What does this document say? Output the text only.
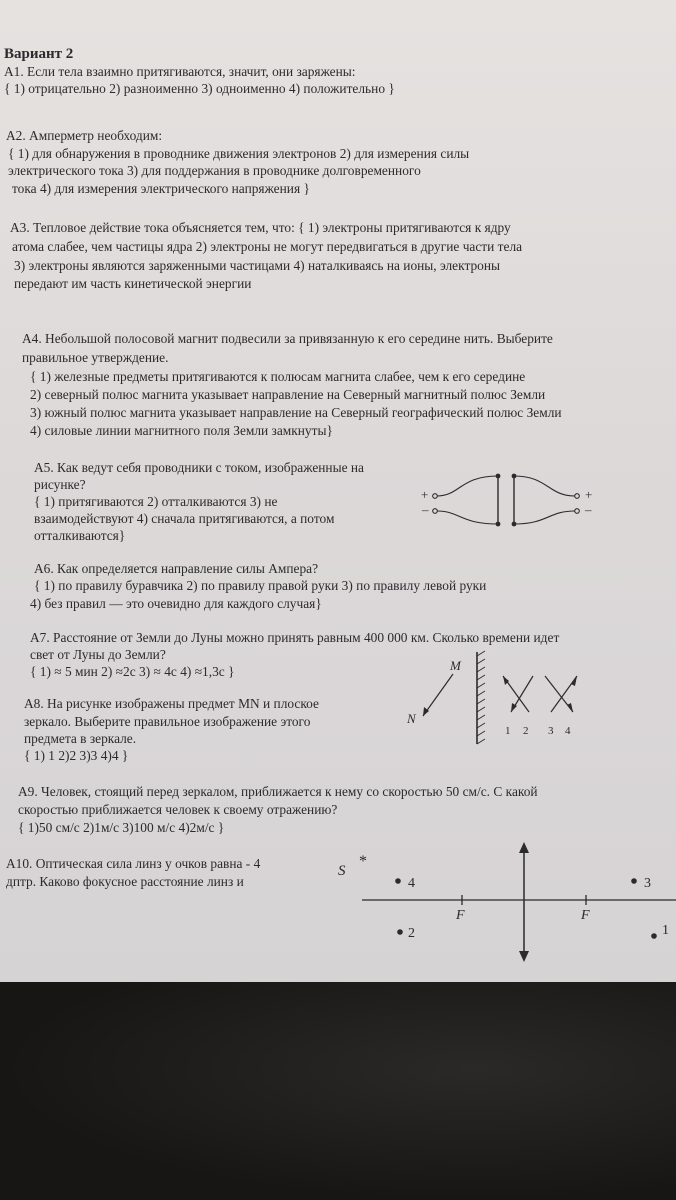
Вариант 2
А1. Если тела взаимно притягиваются, значит, они заряжены:
{ 1) отрицательно 2) разноименно 3) одноименно 4) положительно }
А2. Амперметр необходим:
{ 1) для обнаружения в проводнике движения электронов 2) для измерения силы
электрического тока 3) для поддержания в проводнике долговременного
тока 4) для измерения электрического напряжения }
А3. Тепловое действие тока объясняется тем, что: { 1) электроны притягиваются к ядру
атома слабее, чем частицы ядра 2) электроны не могут передвигаться в другие части тела
3) электроны являются заряженными частицами 4) наталкиваясь на ионы, электроны
передают им часть кинетической энергии
А4. Небольшой полосовой магнит подвесили за привязанную к его середине нить. Выберите
правильное утверждение.
{ 1) железные предметы притягиваются к полюсам магнита слабее, чем к его середине
2) северный полюс магнита указывает направление на Северный магнитный полюс Земли
3) южный полюс магнита указывает направление на Северный географический полюс Земли
4) силовые линии магнитного поля Земли замкнуты}
А5. Как ведут себя проводники с током, изображенные на
рисунке?
{ 1) притягиваются 2) отталкиваются 3) не
взаимодействуют 4) сначала притягиваются, а потом
отталкиваются}
+
–
+
–
А6. Как определяется направление силы Ампера?
{ 1) по правилу буравчика 2) по правилу правой руки 3) по правилу левой руки
4) без правил — это очевидно для каждого случая}
А7. Расстояние от Земли до Луны можно принять равным 400 000 км. Сколько времени идет
свет от Луны до Земли?
{ 1) ≈ 5 мин 2) ≈2с 3) ≈ 4с 4) ≈1,3с }
А8. На рисунке изображены предмет MN и плоское
зеркало. Выберите правильное изображение этого
предмета в зеркале.
{ 1) 1 2)2 3)3 4)4 }
M
N
1 2 3 4
А9. Человек, стоящий перед зеркалом, приближается к нему со скоростью 50 см/с. С какой
скоростью приближается человек к своему отражению?
{ 1)50 см/с 2)1м/с 3)100 м/с 4)2м/с }
А10. Оптическая сила линз у очков равна - 4
дптр. Каково фокусное расстояние линз и
S
*
4	3
F	F
2	1
